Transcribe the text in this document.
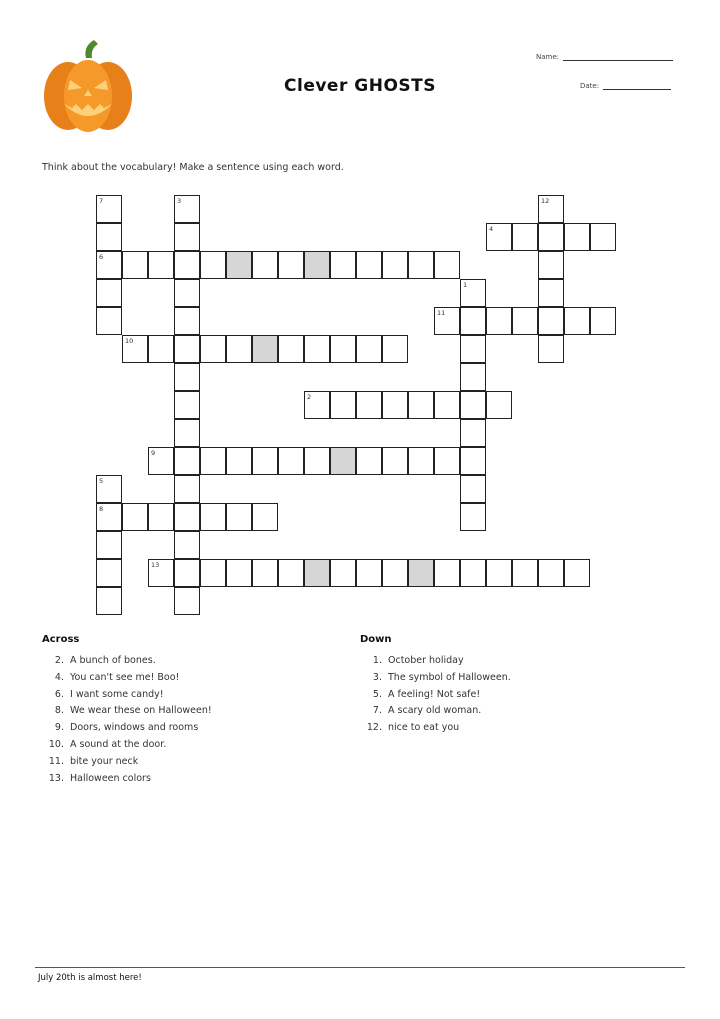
Clever GHOSTS
Name:
Date:
Think about the vocabulary! Make a sentence using each word.
7	3	12
4
6
1
11
10
2
9
5
8
13
Across
2. A bunch of bones.
4. You can't see me! Boo!
6. I want some candy!
8. We wear these on Halloween!
9. Doors, windows and rooms
10. A sound at the door.
11. bite your neck
13. Halloween colors
Down
1. October holiday
3. The symbol of Halloween.
5. A feeling! Not safe!
7. A scary old woman.
12. nice to eat you
July 20th is almost here!
